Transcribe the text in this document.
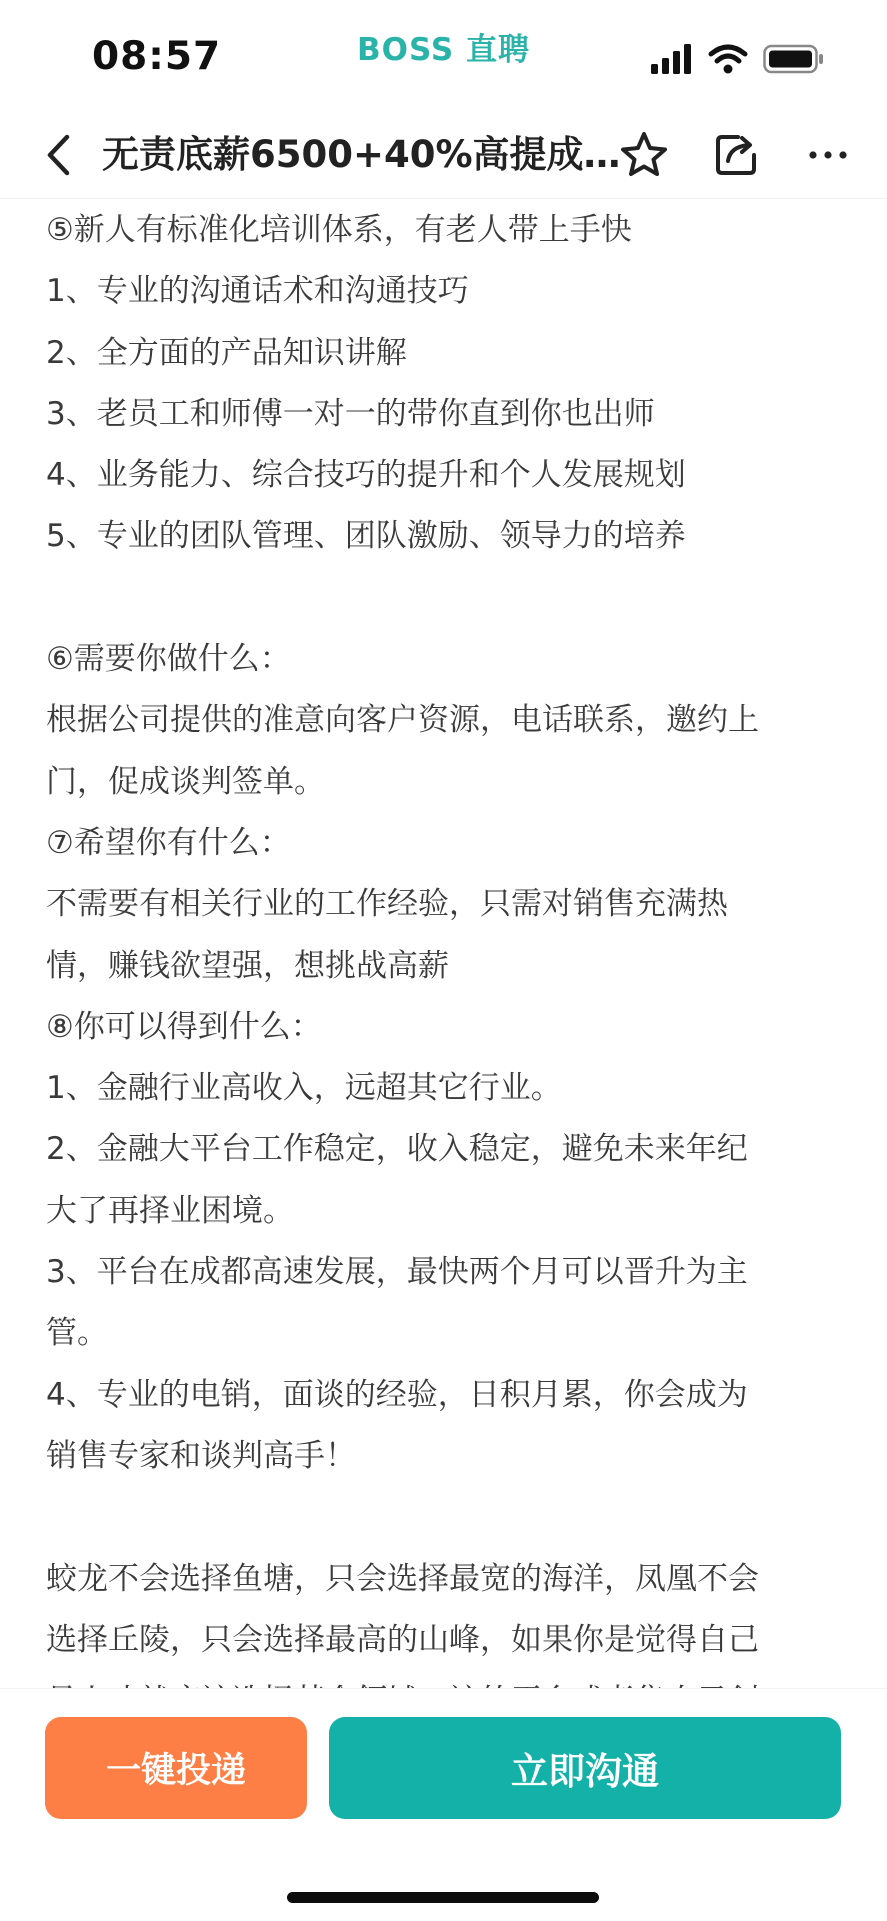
08:57	BOSS 直聘
无责底薪6500+40%高提成…
⑤新人有标准化培训体系，有老人带上手快
1、专业的沟通话术和沟通技巧
2、全方面的产品知识讲解
3、老员工和师傅一对一的带你直到你也出师
4、业务能力、综合技巧的提升和个人发展规划
5、专业的团队管理、团队激励、领导力的培养
⑥需要你做什么：
根据公司提供的准意向客户资源，电话联系，邀约上
门，促成谈判签单。
⑦希望你有什么：
不需要有相关行业的工作经验，只需对销售充满热
情，赚钱欲望强，想挑战高薪
⑧你可以得到什么：
1、金融行业高收入，远超其它行业。
2、金融大平台工作稳定，收入稳定，避免未来年纪
大了再择业困境。
3、平台在成都高速发展，最快两个月可以晋升为主
管。
4、专业的电销，面谈的经验，日积月累，你会成为
销售专家和谈判高手！
蛟龙不会选择鱼塘，只会选择最宽的海洋，凤凰不会
选择丘陵，只会选择最高的山峰，如果你是觉得自己
一键投递	立即沟通
